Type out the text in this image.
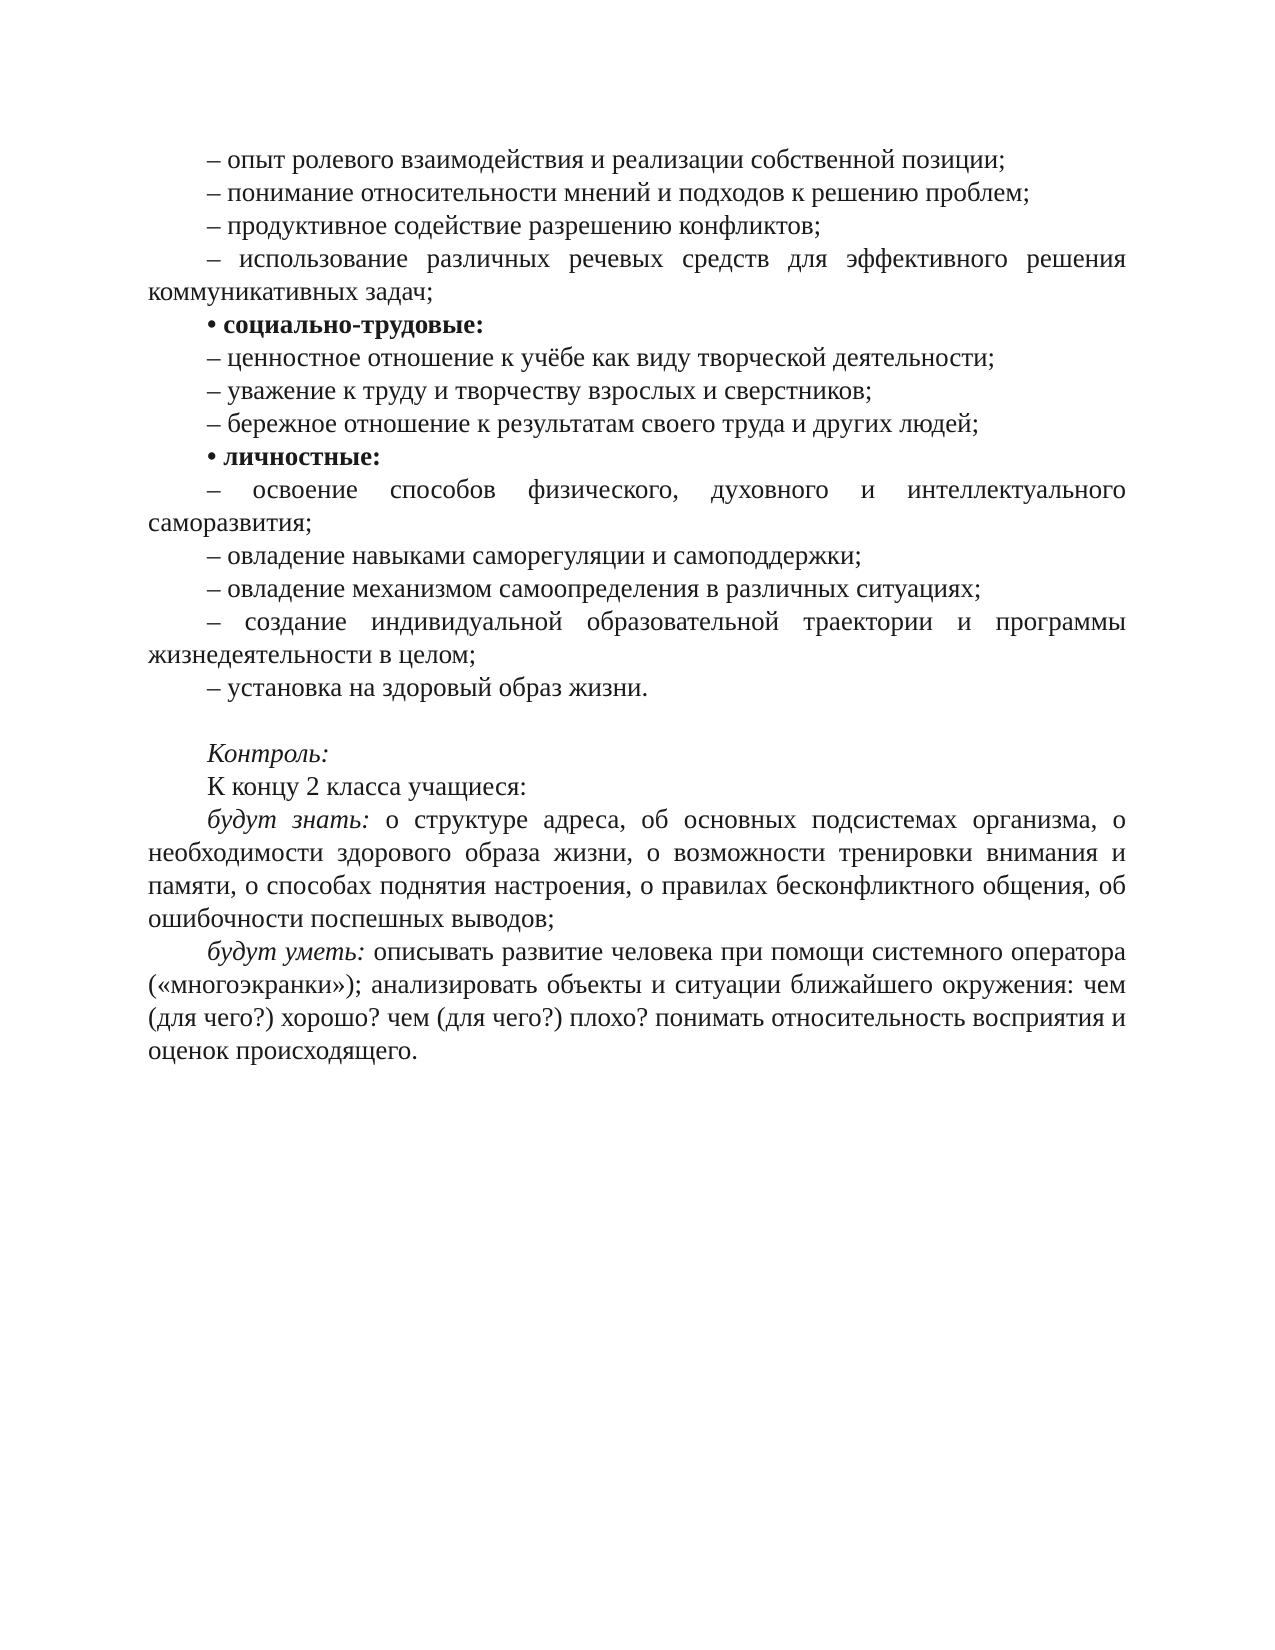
– опыт ролевого взаимодействия и реализации собственной позиции;

– понимание относительности мнений и подходов к решению проблем;

– продуктивное содействие разрешению конфликтов;

– использование различных речевых средств для эффективного решения коммуникативных задач;

• социально-трудовые:

– ценностное отношение к учёбе как виду творческой деятельности;

– уважение к труду и творчеству взрослых и сверстников;

– бережное отношение к результатам своего труда и других людей;

• личностные:

– освоение способов физического, духовного и интеллектуального саморазвития;

– овладение навыками саморегуляции и самоподдержки;

– овладение механизмом самоопределения в различных ситуациях;

– создание индивидуальной образовательной траектории и программы жизнедеятельности в целом;

– установка на здоровый образ жизни.

Контроль:

К концу 2 класса учащиеся:

будут знать: о структуре адреса, об основных подсистемах организма, о необходимости здорового образа жизни, о возможности тренировки внимания и памяти, о способах поднятия настроения, о правилах бесконфликтного общения, об ошибочности поспешных выводов;

будут уметь: описывать развитие человека при помощи системного оператора («многоэкранки»); анализировать объекты и ситуации ближайшего окружения: чем (для чего?) хорошо? чем (для чего?) плохо? понимать относительность восприятия и оценок происходящего.
